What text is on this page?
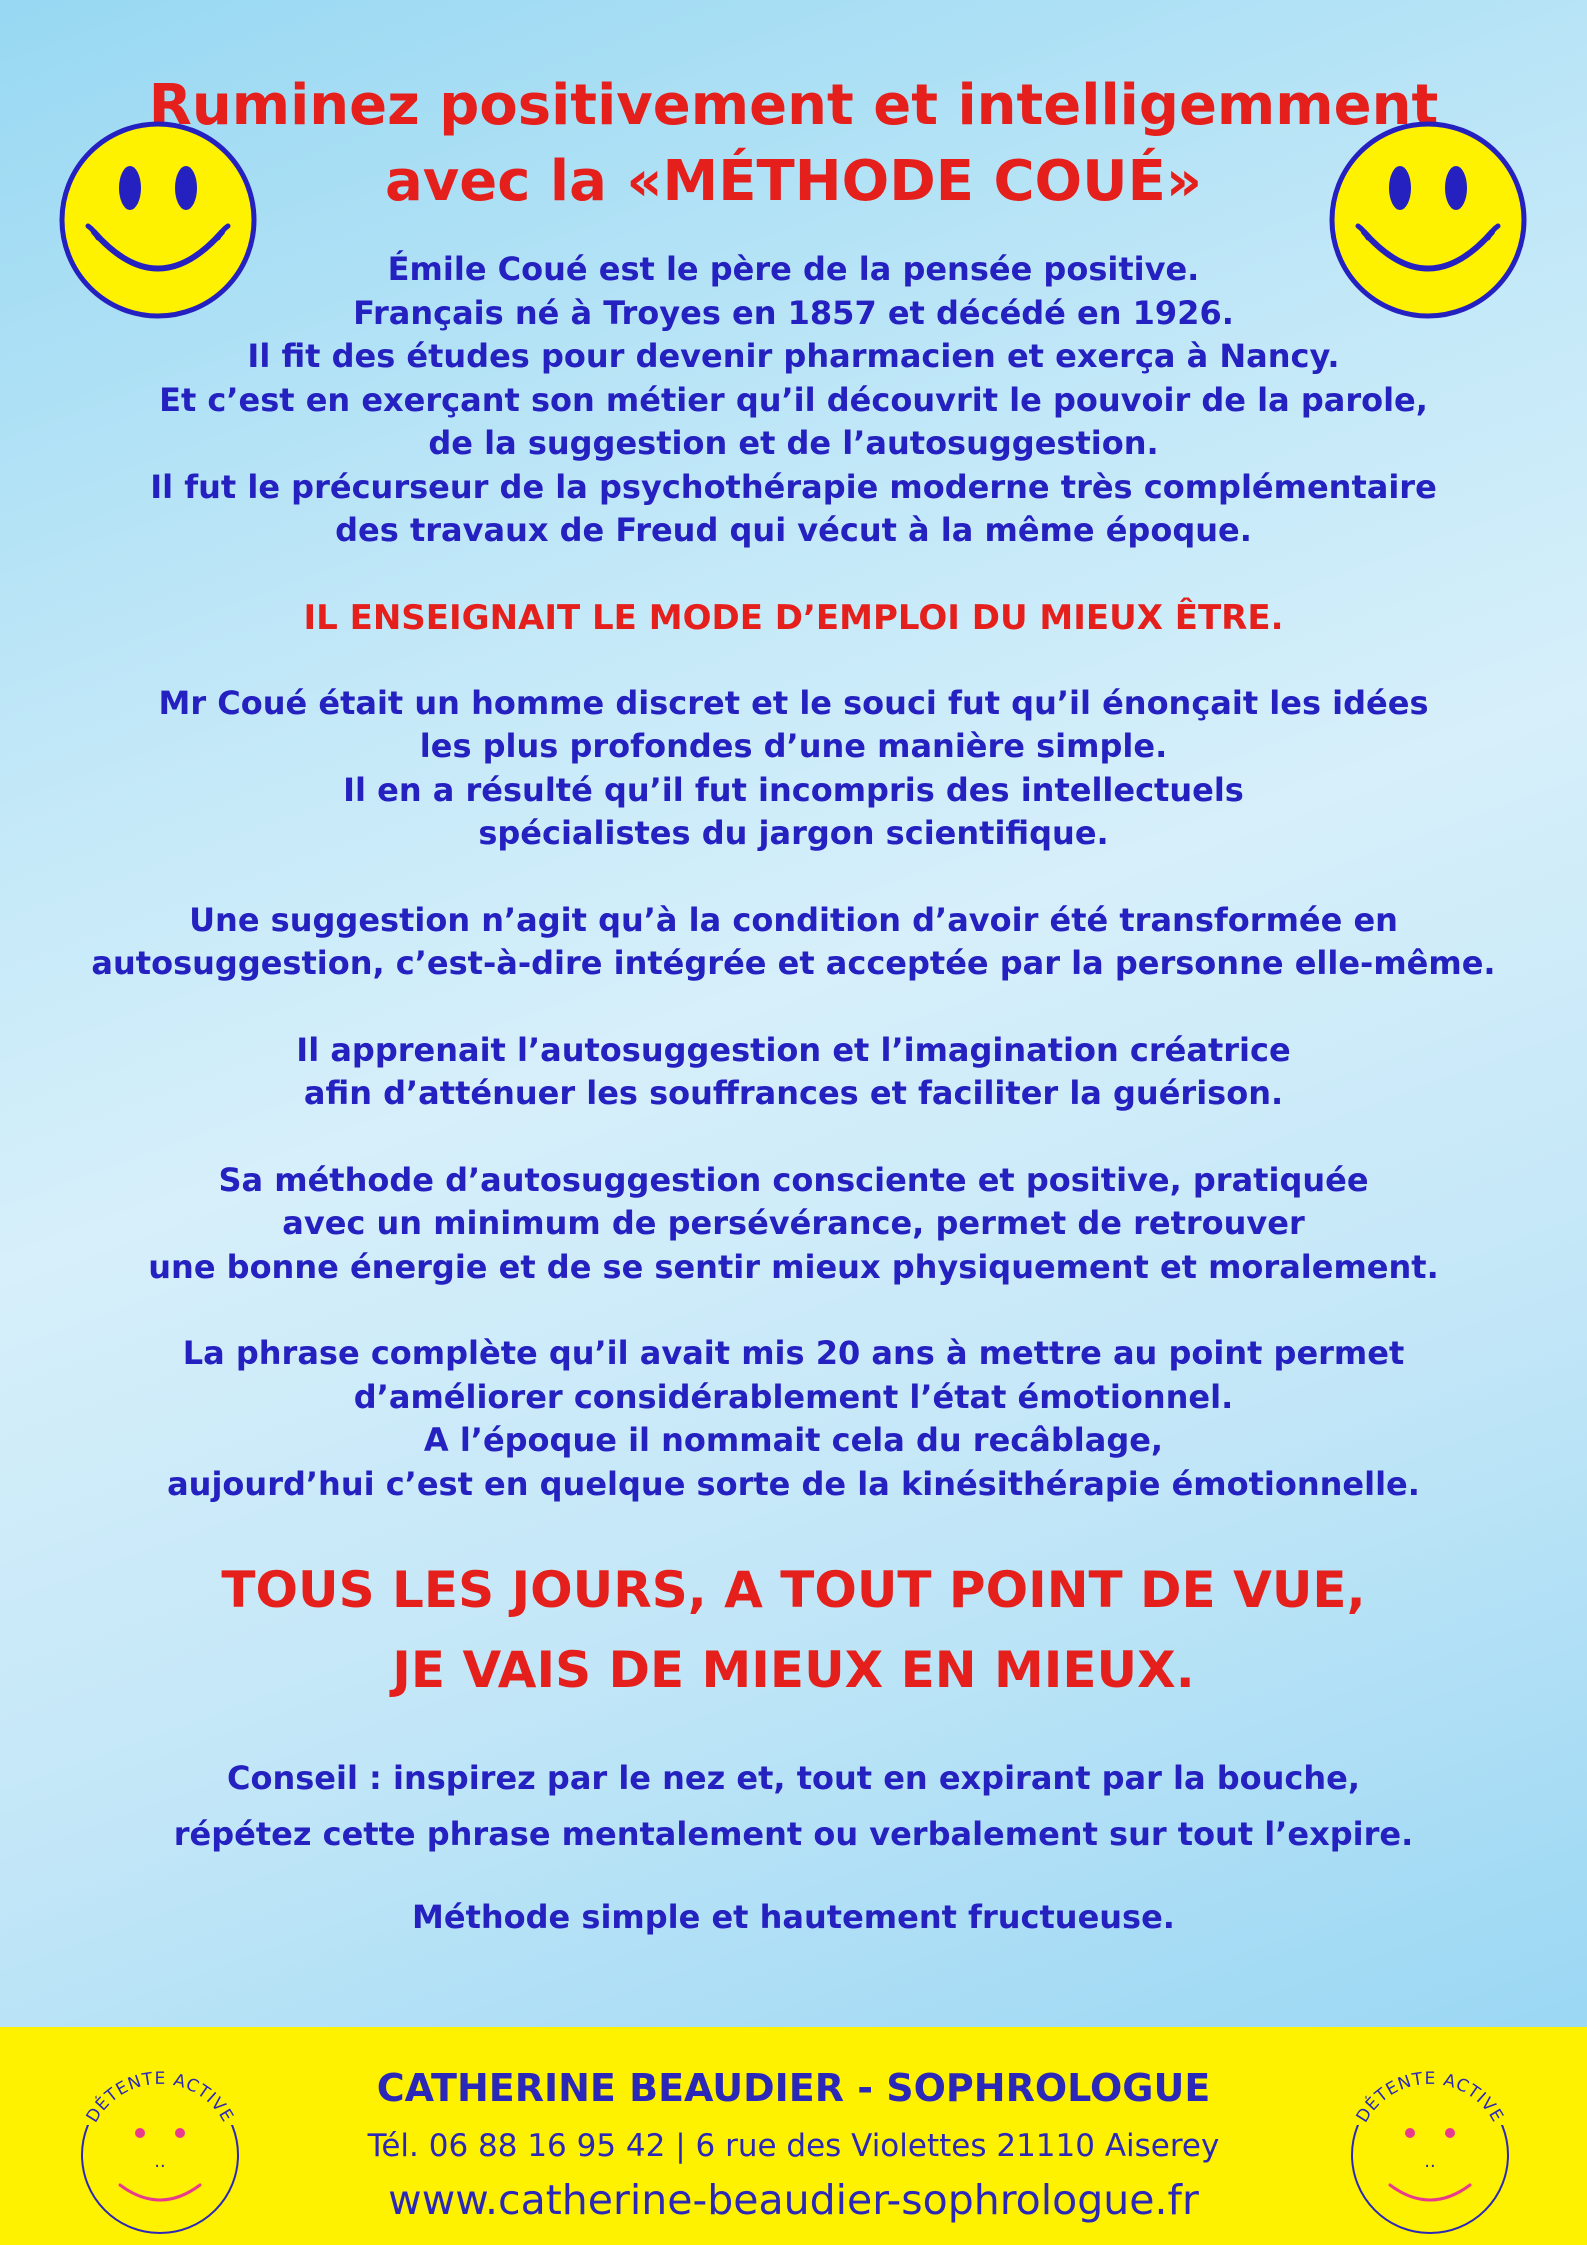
Ruminez positivement et intelligemment
avec la «MÉTHODE COUÉ»
Émile Coué est le père de la pensée positive.
Français né à Troyes en 1857 et décédé en 1926.
Il fit des études pour devenir pharmacien et exerça à Nancy.
Et c’est en exerçant son métier qu’il découvrit le pouvoir de la parole,
de la suggestion et de l’autosuggestion.
Il fut le précurseur de la psychothérapie moderne très complémentaire
des travaux de Freud qui vécut à la même époque.
IL ENSEIGNAIT LE MODE D’EMPLOI DU MIEUX ÊTRE.
Mr Coué était un homme discret et le souci fut qu’il énonçait les idées
les plus profondes d’une manière simple.
Il en a résulté qu’il fut incompris des intellectuels
spécialistes du jargon scientifique.
Une suggestion n’agit qu’à la condition d’avoir été transformée en
autosuggestion, c’est-à-dire intégrée et acceptée par la personne elle-même.
Il apprenait l’autosuggestion et l’imagination créatrice
afin d’atténuer les souffrances et faciliter la guérison.
Sa méthode d’autosuggestion consciente et positive, pratiquée
avec un minimum de persévérance, permet de retrouver
une bonne énergie et de se sentir mieux physiquement et moralement.
La phrase complète qu’il avait mis 20 ans à mettre au point permet
d’améliorer considérablement l’état émotionnel.
A l’époque il nommait cela du recâblage,
aujourd’hui c’est en quelque sorte de la kinésithérapie émotionnelle.
TOUS LES JOURS, A TOUT POINT DE VUE,
JE VAIS DE MIEUX EN MIEUX.
Conseil : inspirez par le nez et, tout en expirant par la bouche,
répétez cette phrase mentalement ou verbalement sur tout l’expire.
Méthode simple et hautement fructueuse.
DÉTENTE ACTIVE
..
CATHERINE BEAUDIER - SOPHROLOGUE
Tél. 06 88 16 95 42 | 6 rue des Violettes 21110 Aiserey
www.catherine-beaudier-sophrologue.fr
DÉTENTE ACTIVE
..
